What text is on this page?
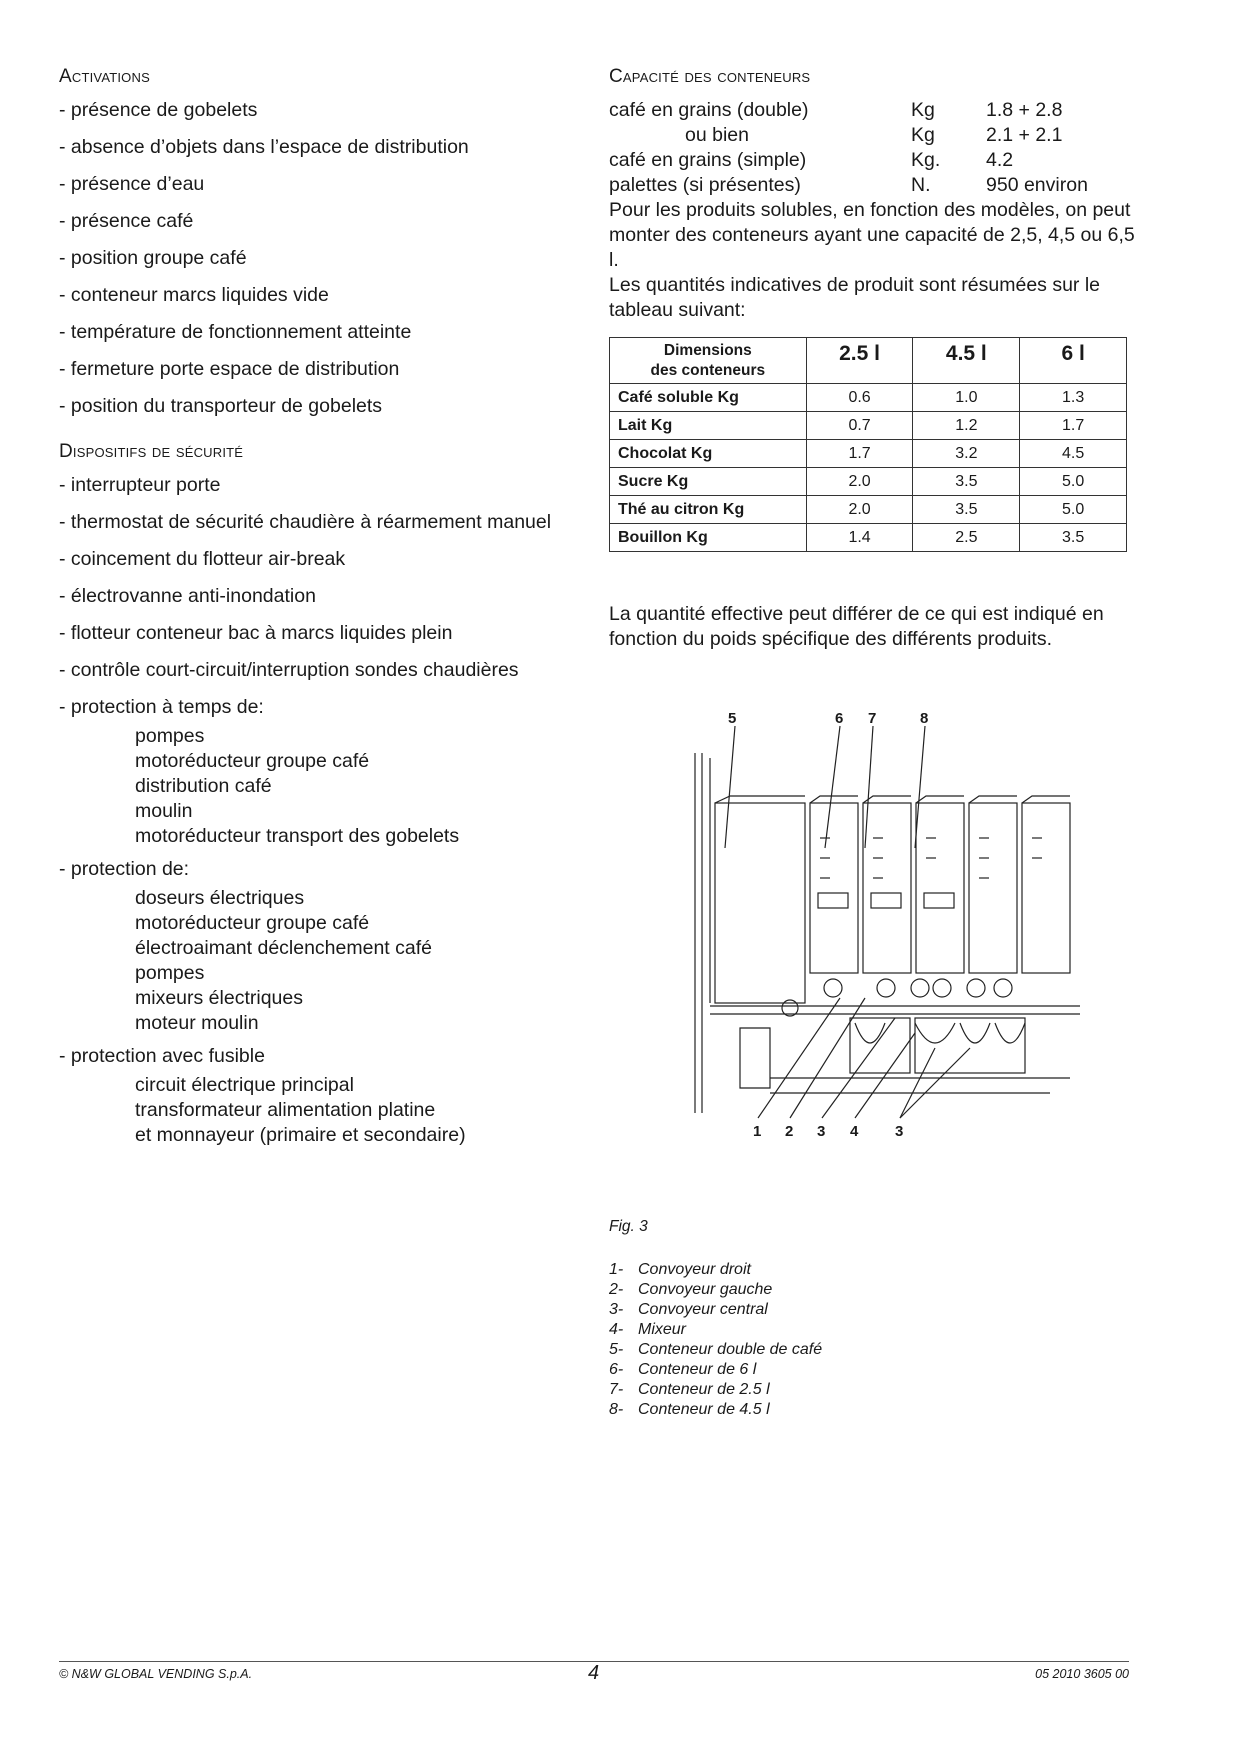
Activations
- présence de gobelets
- absence d’objets dans l’espace de distribution
- présence d’eau
- présence café
- position groupe café
- conteneur marcs liquides vide
- température de fonctionnement atteinte
- fermeture porte espace de distribution
- position du transporteur de gobelets
Dispositifs de sécurité
- interrupteur porte
- thermostat de sécurité chaudière à réarmement manuel
- coincement du flotteur air-break
- électrovanne anti-inondation
- flotteur conteneur bac à marcs liquides plein
- contrôle court-circuit/interruption sondes chaudières
- protection à temps de:
pompes
motoréducteur groupe café
distribution café
moulin
motoréducteur transport des gobelets
- protection de:
doseurs électriques
motoréducteur groupe café
électroaimant déclenchement café
pompes
mixeurs électriques
moteur moulin
- protection avec fusible
circuit électrique principal
transformateur alimentation platine
et monnayeur (primaire et secondaire)
Capacité des conteneurs
café en grains (double)	Kg	1.8 + 2.8
ou bien	Kg	2.1 + 2.1
café en grains (simple)	Kg.	4.2
palettes (si présentes)	N.	950 environ

Pour les produits solubles, en fonction des modèles, on peut monter des conteneurs ayant une capacité de 2,5, 4,5 ou 6,5 l.

Les quantités indicatives de produit sont résumées sur le tableau suivant:

Dimensions
des conteneurs	2.5 l	4.5 l	6 l
Café soluble Kg	0.6	1.0	1.3
Lait Kg	0.7	1.2	1.7
Chocolat Kg	1.7	3.2	4.5
Sucre Kg	2.0	3.5	5.0
Thé au citron Kg	2.0	3.5	5.0
Bouillon Kg	1.4	2.5	3.5

La quantité effective peut différer de ce qui est indiqué en fonction du poids spécifique des différents produits.

5	6 7	8
1 2 3 4 3
Fig. 3
1- Convoyeur droit
2- Convoyeur gauche
3- Convoyeur central
4- Mixeur
5- Conteneur double de café
6- Conteneur de 6 l
7- Conteneur de 2.5 l
8- Conteneur de 4.5 l
© N&W GLOBAL VENDING S.p.A.	4	05 2010 3605 00
